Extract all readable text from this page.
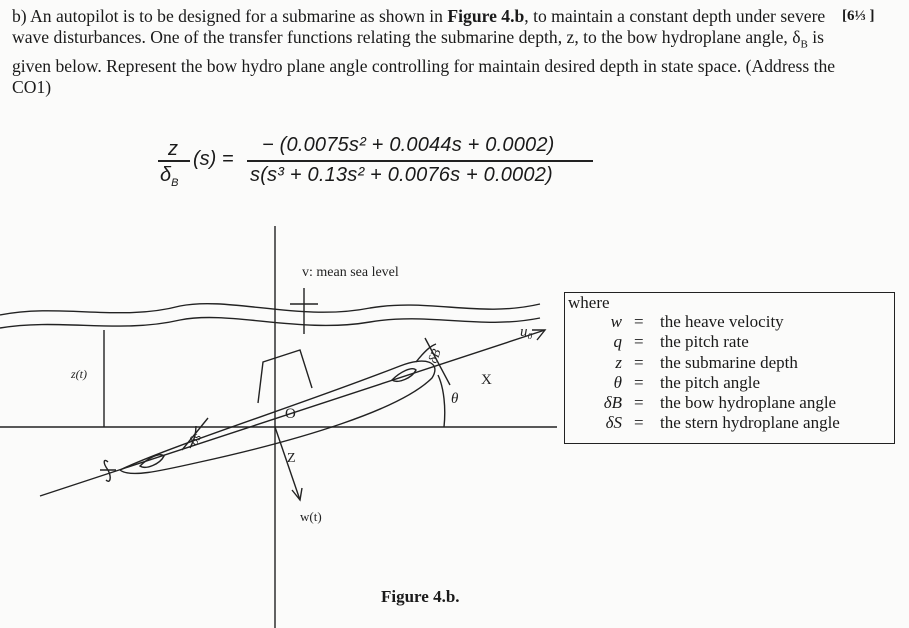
b) An autopilot is to be designed for a submarine as shown in Figure 4.b, to maintain a constant depth under severe wave disturbances. One of the transfer functions relating the submarine depth, z, to the bow hydroplane angle, $\delta_B$ is given below. Represent the bow hydro plane angle controlling for maintain desired depth in state space. (Address the CO1)
[6⅓ ]
z
$\delta_B$
(s) =
− (0.0075s² + 0.0044s + 0.0002)
s(s³ + 0.13s² + 0.0076s + 0.0002)
v: mean sea level
z(t)
O
Z
w(t)
X
u₀
θ
δB
δs
where
w = the heave velocity
q = the pitch rate
z = the submarine depth
θ = the pitch angle
δB = the bow hydroplane angle
δS = the stern hydroplane angle
Figure 4.b.
